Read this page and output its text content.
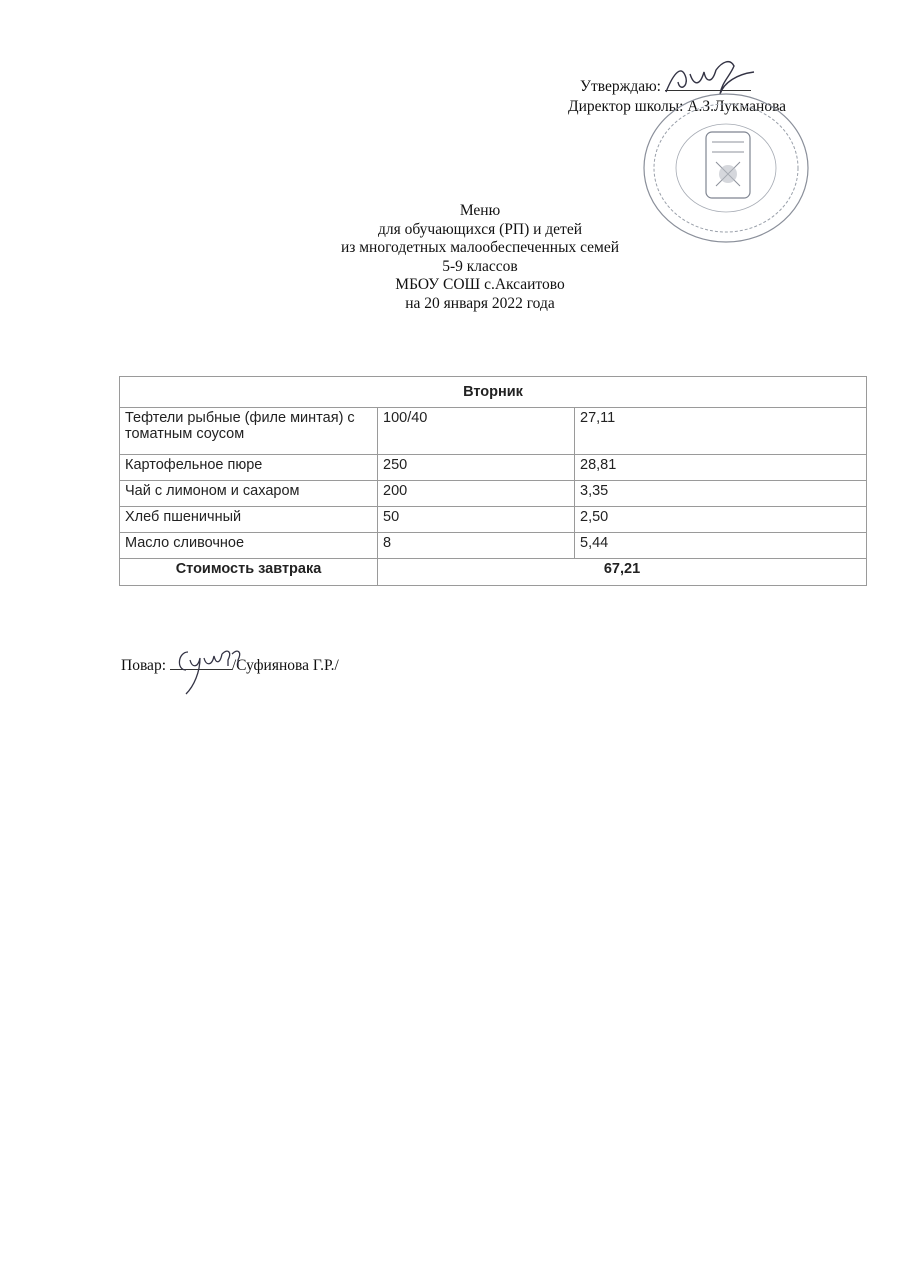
Утверждаю:
Директор школы: А.З.Лукманова
Меню
для обучающихся (РП) и детей
из многодетных малообеспеченных семей
5-9 классов
МБОУ СОШ с.Аксаитово
на 20 января 2022 года
Вторник		
Тефтели рыбные (филе минтая) с томатным соусом	100/40	27,11
Картофельное пюре	250	28,81
Чай с лимоном и сахаром	200	3,35
Хлеб пшеничный	50	2,50
Масло сливочное	8	5,44
Стоимость завтрака	67,21	
Повар:	/Суфиянова Г.Р./
